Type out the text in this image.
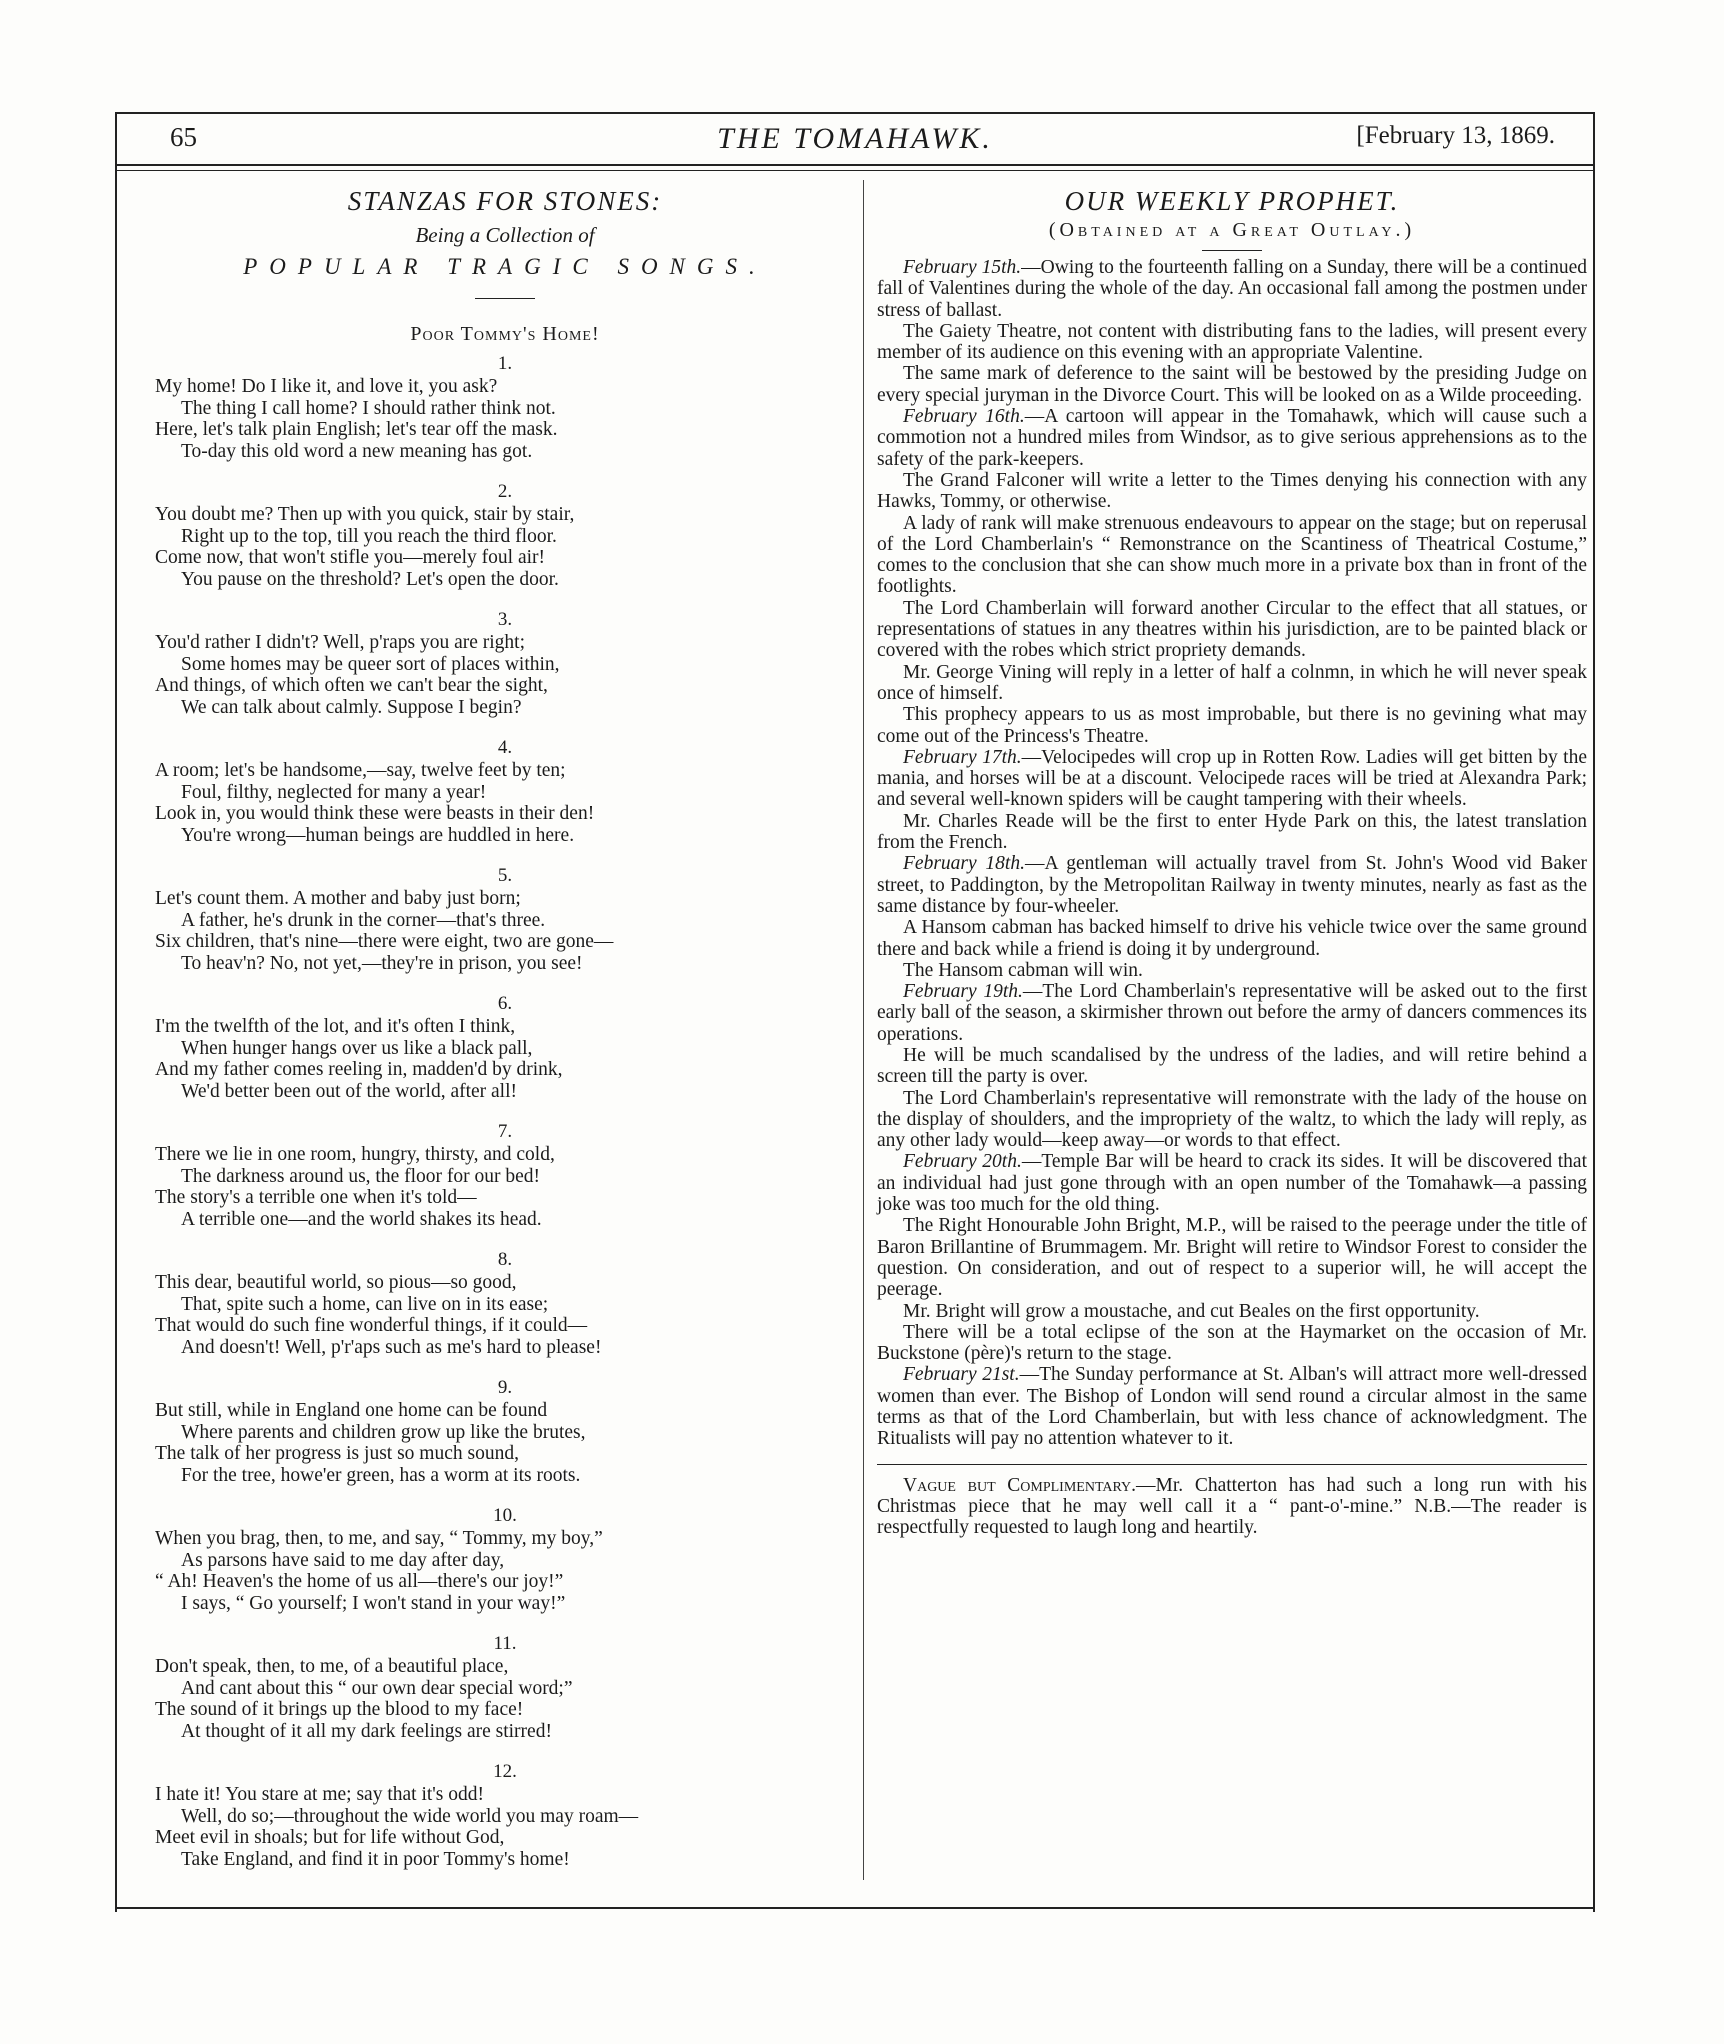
65	THE TOMAHAWK.	[February 13, 1869.
STANZAS FOR STONES:
Being a Collection of
POPULAR TRAGIC SONGS.
Poor Tommy's Home!
1.
My home! Do I like it, and love it, you ask?
The thing I call home? I should rather think not.
Here, let's talk plain English; let's tear off the mask.
To-day this old word a new meaning has got.
2.
You doubt me? Then up with you quick, stair by stair,
Right up to the top, till you reach the third floor.
Come now, that won't stifle you—merely foul air!
You pause on the threshold? Let's open the door.
3.
You'd rather I didn't? Well, p'raps you are right;
Some homes may be queer sort of places within,
And things, of which often we can't bear the sight,
We can talk about calmly. Suppose I begin?
4.
A room; let's be handsome,—say, twelve feet by ten;
Foul, filthy, neglected for many a year!
Look in, you would think these were beasts in their den!
You're wrong—human beings are huddled in here.
5.
Let's count them. A mother and baby just born;
A father, he's drunk in the corner—that's three.
Six children, that's nine—there were eight, two are gone—
To heav'n? No, not yet,—they're in prison, you see!
6.
I'm the twelfth of the lot, and it's often I think,
When hunger hangs over us like a black pall,
And my father comes reeling in, madden'd by drink,
We'd better been out of the world, after all!
7.
There we lie in one room, hungry, thirsty, and cold,
The darkness around us, the floor for our bed!
The story's a terrible one when it's told—
A terrible one—and the world shakes its head.
8.
This dear, beautiful world, so pious—so good,
That, spite such a home, can live on in its ease;
That would do such fine wonderful things, if it could—
And doesn't! Well, p'r'aps such as me's hard to please!
9.
But still, while in England one home can be found
Where parents and children grow up like the brutes,
The talk of her progress is just so much sound,
For the tree, howe'er green, has a worm at its roots.
10.
When you brag, then, to me, and say, “ Tommy, my boy,”
As parsons have said to me day after day,
“ Ah! Heaven's the home of us all—there's our joy!”
I says, “ Go yourself; I won't stand in your way!”
11.
Don't speak, then, to me, of a beautiful place,
And cant about this “ our own dear special word;”
The sound of it brings up the blood to my face!
At thought of it all my dark feelings are stirred!
12.
I hate it! You stare at me; say that it's odd!
Well, do so;—throughout the wide world you may roam—
Meet evil in shoals; but for life without God,
Take England, and find it in poor Tommy's home!
OUR WEEKLY PROPHET.
(Obtained at a Great Outlay.)
February 15th.—Owing to the fourteenth falling on a Sunday, there will be a continued fall of Valentines during the whole of the day. An occasional fall among the postmen under stress of ballast.
The Gaiety Theatre, not content with distributing fans to the ladies, will present every member of its audience on this evening with an appropriate Valentine.
The same mark of deference to the saint will be bestowed by the presiding Judge on every special juryman in the Divorce Court. This will be looked on as a Wilde proceeding.
February 16th.—A cartoon will appear in the Tomahawk, which will cause such a commotion not a hundred miles from Windsor, as to give serious apprehensions as to the safety of the park-keepers.
The Grand Falconer will write a letter to the Times denying his connection with any Hawks, Tommy, or otherwise.
A lady of rank will make strenuous endeavours to appear on the stage; but on reperusal of the Lord Chamberlain's “ Remonstrance on the Scantiness of Theatrical Costume,” comes to the conclusion that she can show much more in a private box than in front of the footlights.
The Lord Chamberlain will forward another Circular to the effect that all statues, or representations of statues in any theatres within his jurisdiction, are to be painted black or covered with the robes which strict propriety demands.
Mr. George Vining will reply in a letter of half a colnmn, in which he will never speak once of himself.
This prophecy appears to us as most improbable, but there is no gevining what may come out of the Princess's Theatre.
February 17th.—Velocipedes will crop up in Rotten Row. Ladies will get bitten by the mania, and horses will be at a discount. Velocipede races will be tried at Alexandra Park; and several well-known spiders will be caught tampering with their wheels.
Mr. Charles Reade will be the first to enter Hyde Park on this, the latest translation from the French.
February 18th.—A gentleman will actually travel from St. John's Wood vid Baker street, to Paddington, by the Metropolitan Railway in twenty minutes, nearly as fast as the same distance by four-wheeler.
A Hansom cabman has backed himself to drive his vehicle twice over the same ground there and back while a friend is doing it by underground.
The Hansom cabman will win.
February 19th.—The Lord Chamberlain's representative will be asked out to the first early ball of the season, a skirmisher thrown out before the army of dancers commences its operations.
He will be much scandalised by the undress of the ladies, and will retire behind a screen till the party is over.
The Lord Chamberlain's representative will remonstrate with the lady of the house on the display of shoulders, and the impropriety of the waltz, to which the lady will reply, as any other lady would—keep away—or words to that effect.
February 20th.—Temple Bar will be heard to crack its sides. It will be discovered that an individual had just gone through with an open number of the Tomahawk—a passing joke was too much for the old thing.
The Right Honourable John Bright, M.P., will be raised to the peerage under the title of Baron Brillantine of Brummagem. Mr. Bright will retire to Windsor Forest to consider the question. On consideration, and out of respect to a superior will, he will accept the peerage.
Mr. Bright will grow a moustache, and cut Beales on the first opportunity.
There will be a total eclipse of the son at the Haymarket on the occasion of Mr. Buckstone (père)'s return to the stage.
February 21st.—The Sunday performance at St. Alban's will attract more well-dressed women than ever. The Bishop of London will send round a circular almost in the same terms as that of the Lord Chamberlain, but with less chance of acknowledgment. The Ritualists will pay no attention whatever to it.
Vague but Complimentary.—Mr. Chatterton has had such a long run with his Christmas piece that he may well call it a “ pant-o'-mine.” N.B.—The reader is respectfully requested to laugh long and heartily.
